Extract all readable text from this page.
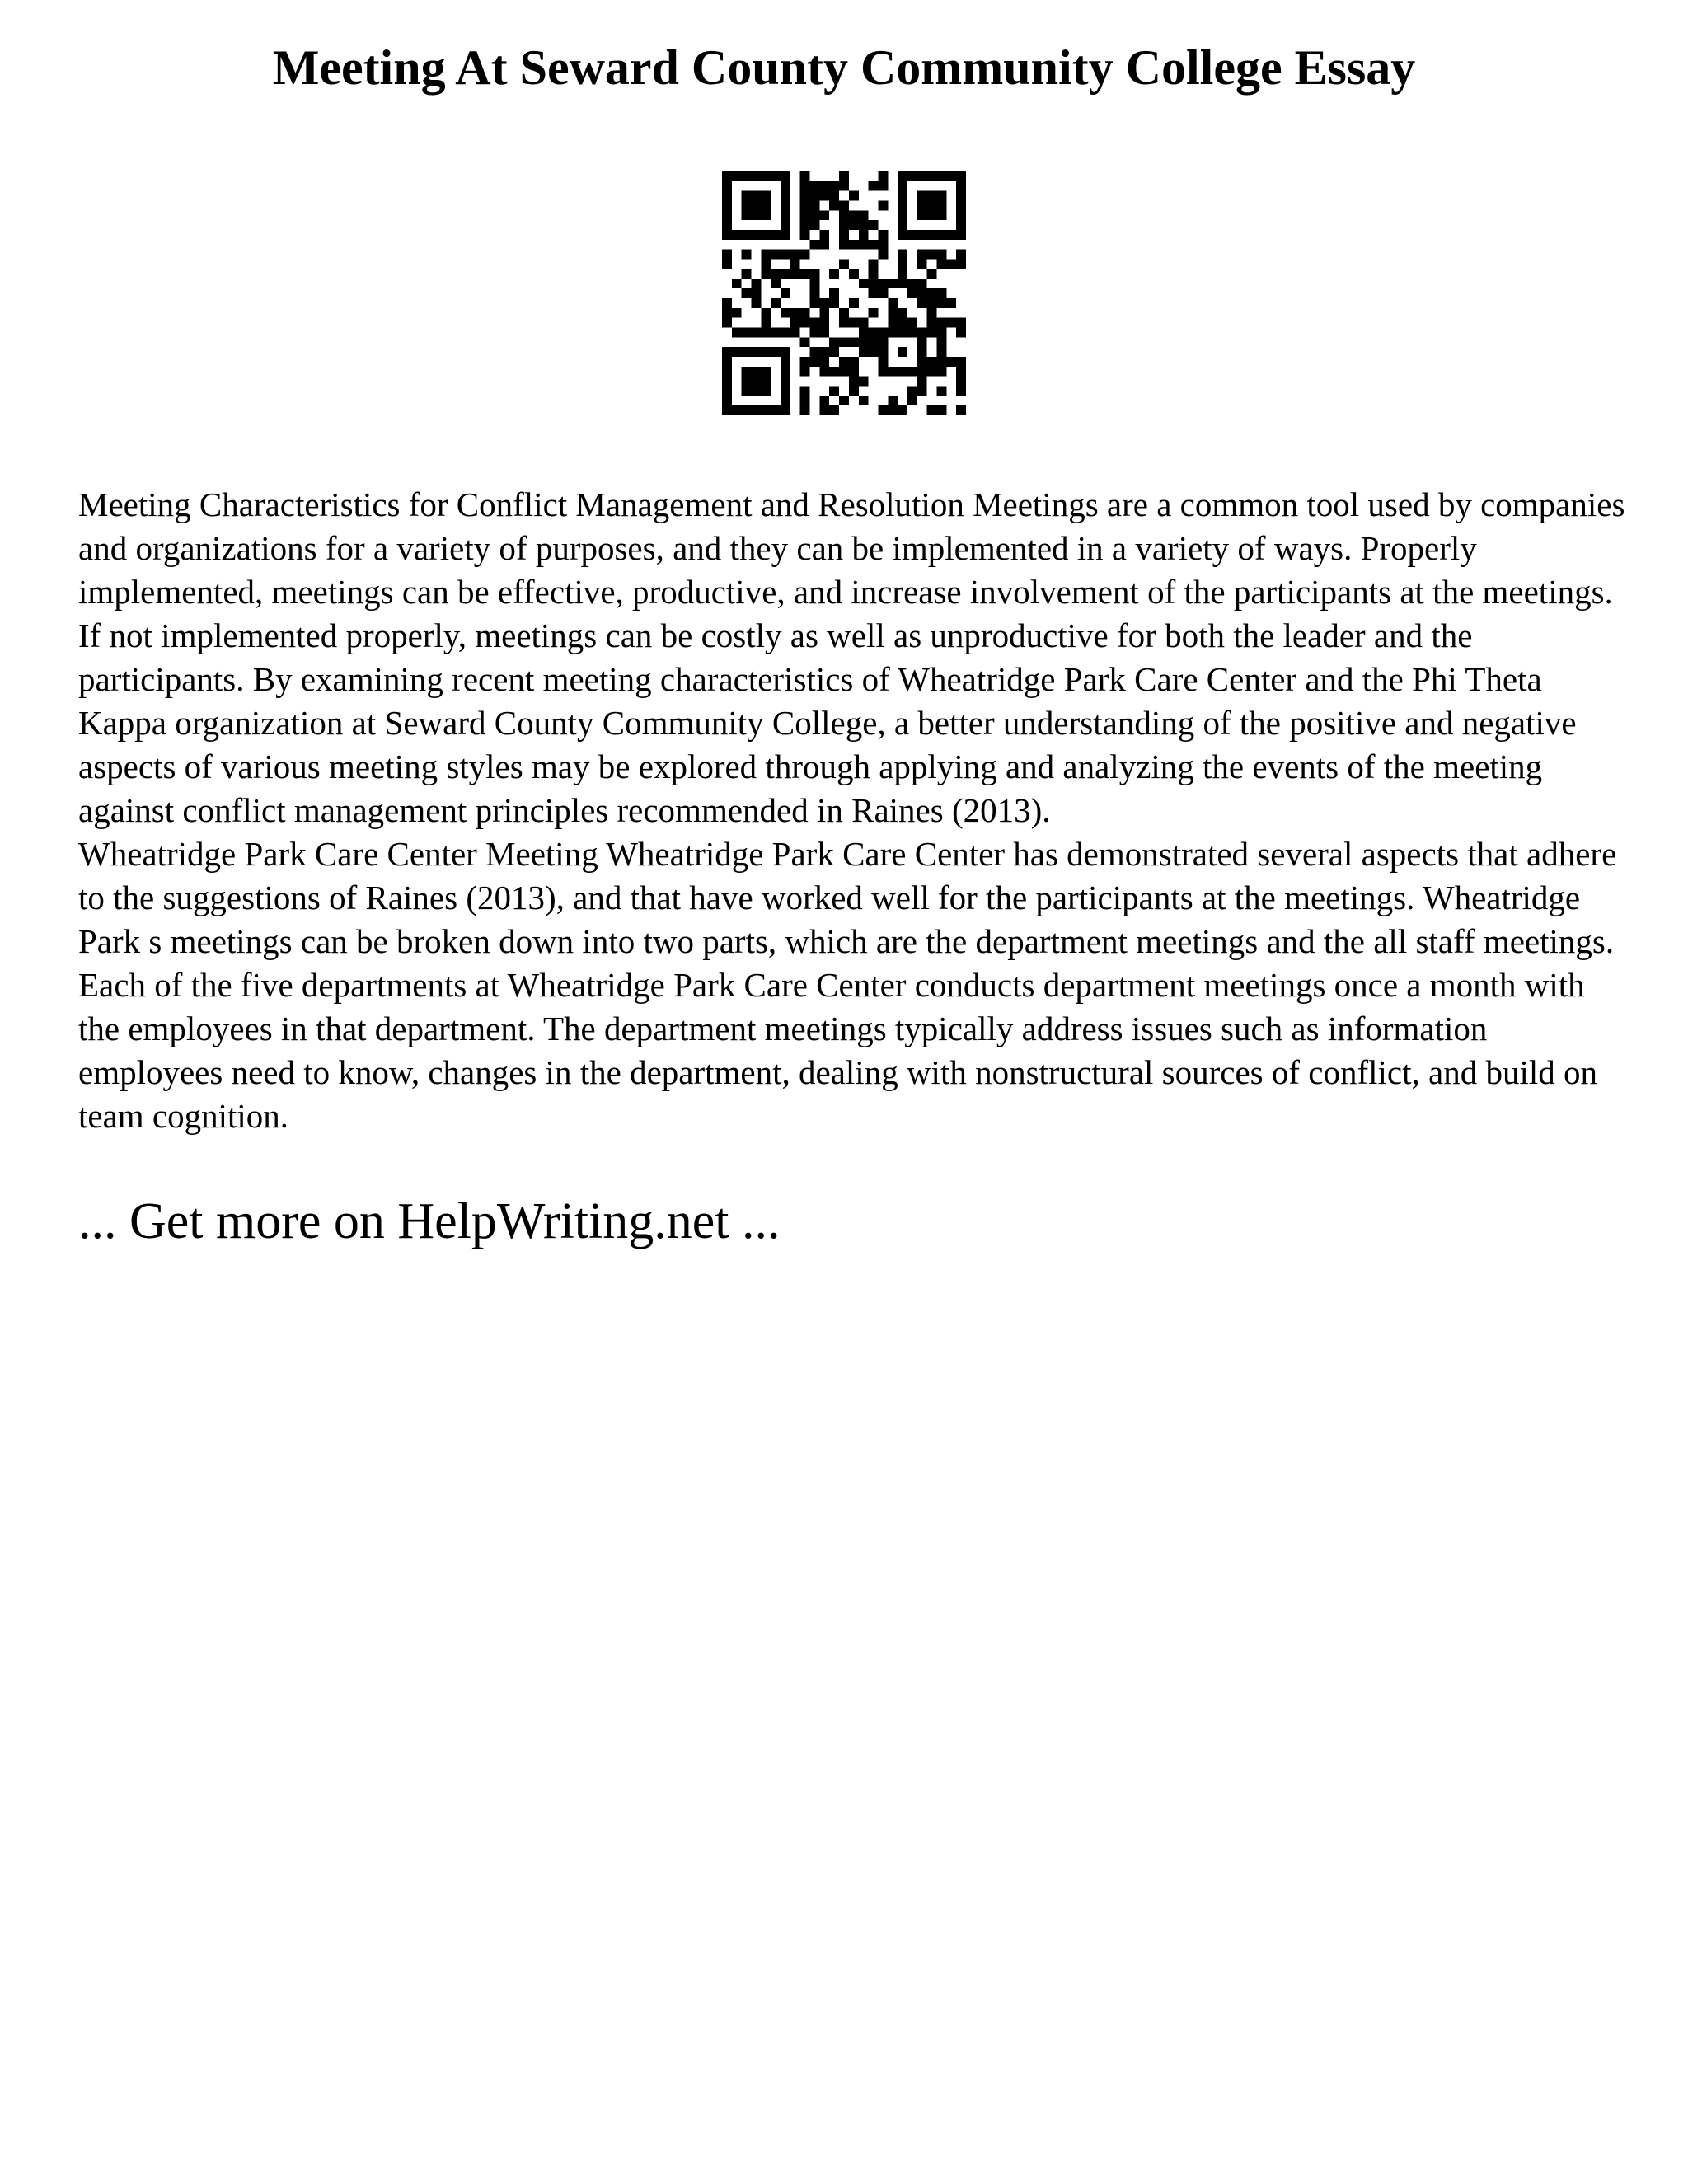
Meeting At Seward County Community College Essay

Meeting Characteristics for Conflict Management and Resolution Meetings are a common tool used by companies and organizations for a variety of purposes, and they can be implemented in a variety of ways. Properly implemented, meetings can be effective, productive, and increase involvement of the participants at the meetings. If not implemented properly, meetings can be costly as well as unproductive for both the leader and the participants. By examining recent meeting characteristics of Wheatridge Park Care Center and the Phi Theta Kappa organization at Seward County Community College, a better understanding of the positive and negative aspects of various meeting styles may be explored through applying and analyzing the events of the meeting against conflict management principles recommended in Raines (2013).

Wheatridge Park Care Center Meeting Wheatridge Park Care Center has demonstrated several aspects that adhere to the suggestions of Raines (2013), and that have worked well for the participants at the meetings. Wheatridge Park s meetings can be broken down into two parts, which are the department meetings and the all staff meetings. Each of the five departments at Wheatridge Park Care Center conducts department meetings once a month with the employees in that department. The department meetings typically address issues such as information employees need to know, changes in the department, dealing with nonstructural sources of conflict, and build on team cognition.

... Get more on HelpWriting.net ...
